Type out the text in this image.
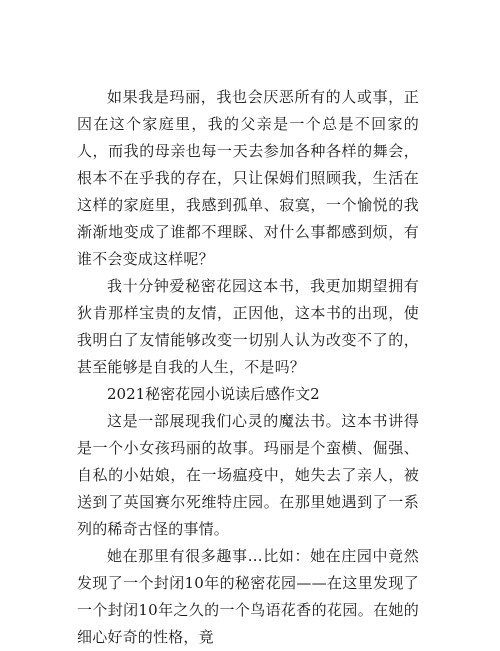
如果我是玛丽，我也会厌恶所有的人或事，正因在这个家庭里，我的父亲是一个总是不回家的人，而我的母亲也每一天去参加各种各样的舞会，根本不在乎我的存在，只让保姆们照顾我，生活在这样的家庭里，我感到孤单、寂寞，一个愉悦的我渐渐地变成了谁都不理睬、对什么事都感到烦，有谁不会变成这样呢？

我十分钟爱秘密花园这本书，我更加期望拥有狄肯那样宝贵的友情，正因他，这本书的出现，使我明白了友情能够改变一切别人认为改变不了的，甚至能够是自我的人生，不是吗？

2021秘密花园小说读后感作文2

这是一部展现我们心灵的魔法书。这本书讲得是一个小女孩玛丽的故事。玛丽是个蛮横、倔强、自私的小姑娘，在一场瘟疫中，她失去了亲人，被送到了英国赛尔死维特庄园。在那里她遇到了一系列的稀奇古怪的事情。

她在那里有很多趣事…比如：她在庄园中竟然发现了一个封闭10年的秘密花园——在这里发现了一个封闭10年之久的一个鸟语花香的花园。在她的细心好奇的性格，竟
